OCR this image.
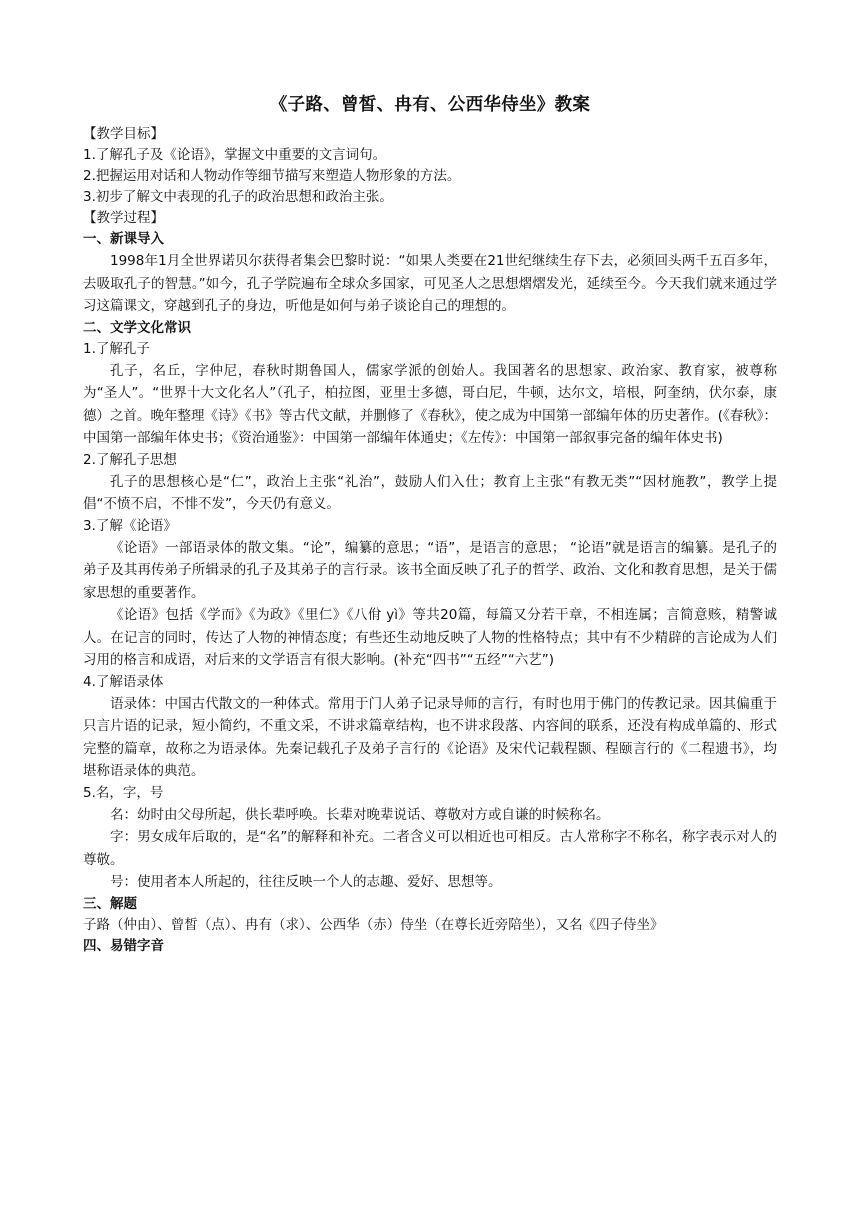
《子路、曾皙、冉有、公西华侍坐》教案
【教学目标】
1.了解孔子及《论语》，掌握文中重要的文言词句。
2.把握运用对话和人物动作等细节描写来塑造人物形象的方法。
3.初步了解文中表现的孔子的政治思想和政治主张。
【教学过程】
一、新课导入

1998年1月全世界诺贝尔获得者集会巴黎时说：“如果人类要在21世纪继续生存下去，必须回头两千五百多年，去吸取孔子的智慧。”如今，孔子学院遍布全球众多国家，可见圣人之思想熠熠发光，延续至今。今天我们就来通过学习这篇课文，穿越到孔子的身边，听他是如何与弟子谈论自己的理想的。

二、文学文化常识
1.了解孔子

孔子，名丘，字仲尼，春秋时期鲁国人，儒家学派的创始人。我国著名的思想家、政治家、教育家，被尊称为“圣人”。“世界十大文化名人”（孔子，柏拉图，亚里士多德，哥白尼，牛顿，达尔文，培根，阿奎纳，伏尔泰，康德）之首。晚年整理《诗》《书》等古代文献，并删修了《春秋》，使之成为中国第一部编年体的历史著作。(《春秋》：中国第一部编年体史书；《资治通鉴》：中国第一部编年体通史；《左传》：中国第一部叙事完备的编年体史书)

2.了解孔子思想

孔子的思想核心是“仁”，政治上主张“礼治”，鼓励人们入仕；教育上主张“有教无类”“因材施教”，教学上提倡“不愤不启，不悱不发”，今天仍有意义。

3.了解《论语》

《论语》一部语录体的散文集。“论”，编纂的意思；“语”，是语言的意思； “论语”就是语言的编纂。是孔子的弟子及其再传弟子所辑录的孔子及其弟子的言行录。该书全面反映了孔子的哲学、政治、文化和教育思想，是关于儒家思想的重要著作。

《论语》包括《学而》《为政》《里仁》《八佾 yì》等共20篇，每篇又分若干章，不相连属；言简意赅，精警诚人。在记言的同时，传达了人物的神情态度；有些还生动地反映了人物的性格特点；其中有不少精辟的言论成为人们习用的格言和成语，对后来的文学语言有很大影响。(补充“四书”“五经”“六艺”)

4.了解语录体

语录体：中国古代散文的一种体式。常用于门人弟子记录导师的言行，有时也用于佛门的传教记录。因其偏重于只言片语的记录，短小简约，不重文采，不讲求篇章结构，也不讲求段落、内容间的联系，还没有构成单篇的、形式完整的篇章，故称之为语录体。先秦记载孔子及弟子言行的《论语》及宋代记载程颢、程颐言行的《二程遗书》，均堪称语录体的典范。

5.名，字，号

名：幼时由父母所起，供长辈呼唤。长辈对晚辈说话、尊敬对方或自谦的时候称名。

字：男女成年后取的，是“名”的解释和补充。二者含义可以相近也可相反。古人常称字不称名，称字表示对人的尊敬。

号：使用者本人所起的，往往反映一个人的志趣、爱好、思想等。

三、解题
子路（仲由）、曾皙（点）、冉有（求）、公西华（赤）侍坐（在尊长近旁陪坐），又名《四子侍坐》
四、易错字音
